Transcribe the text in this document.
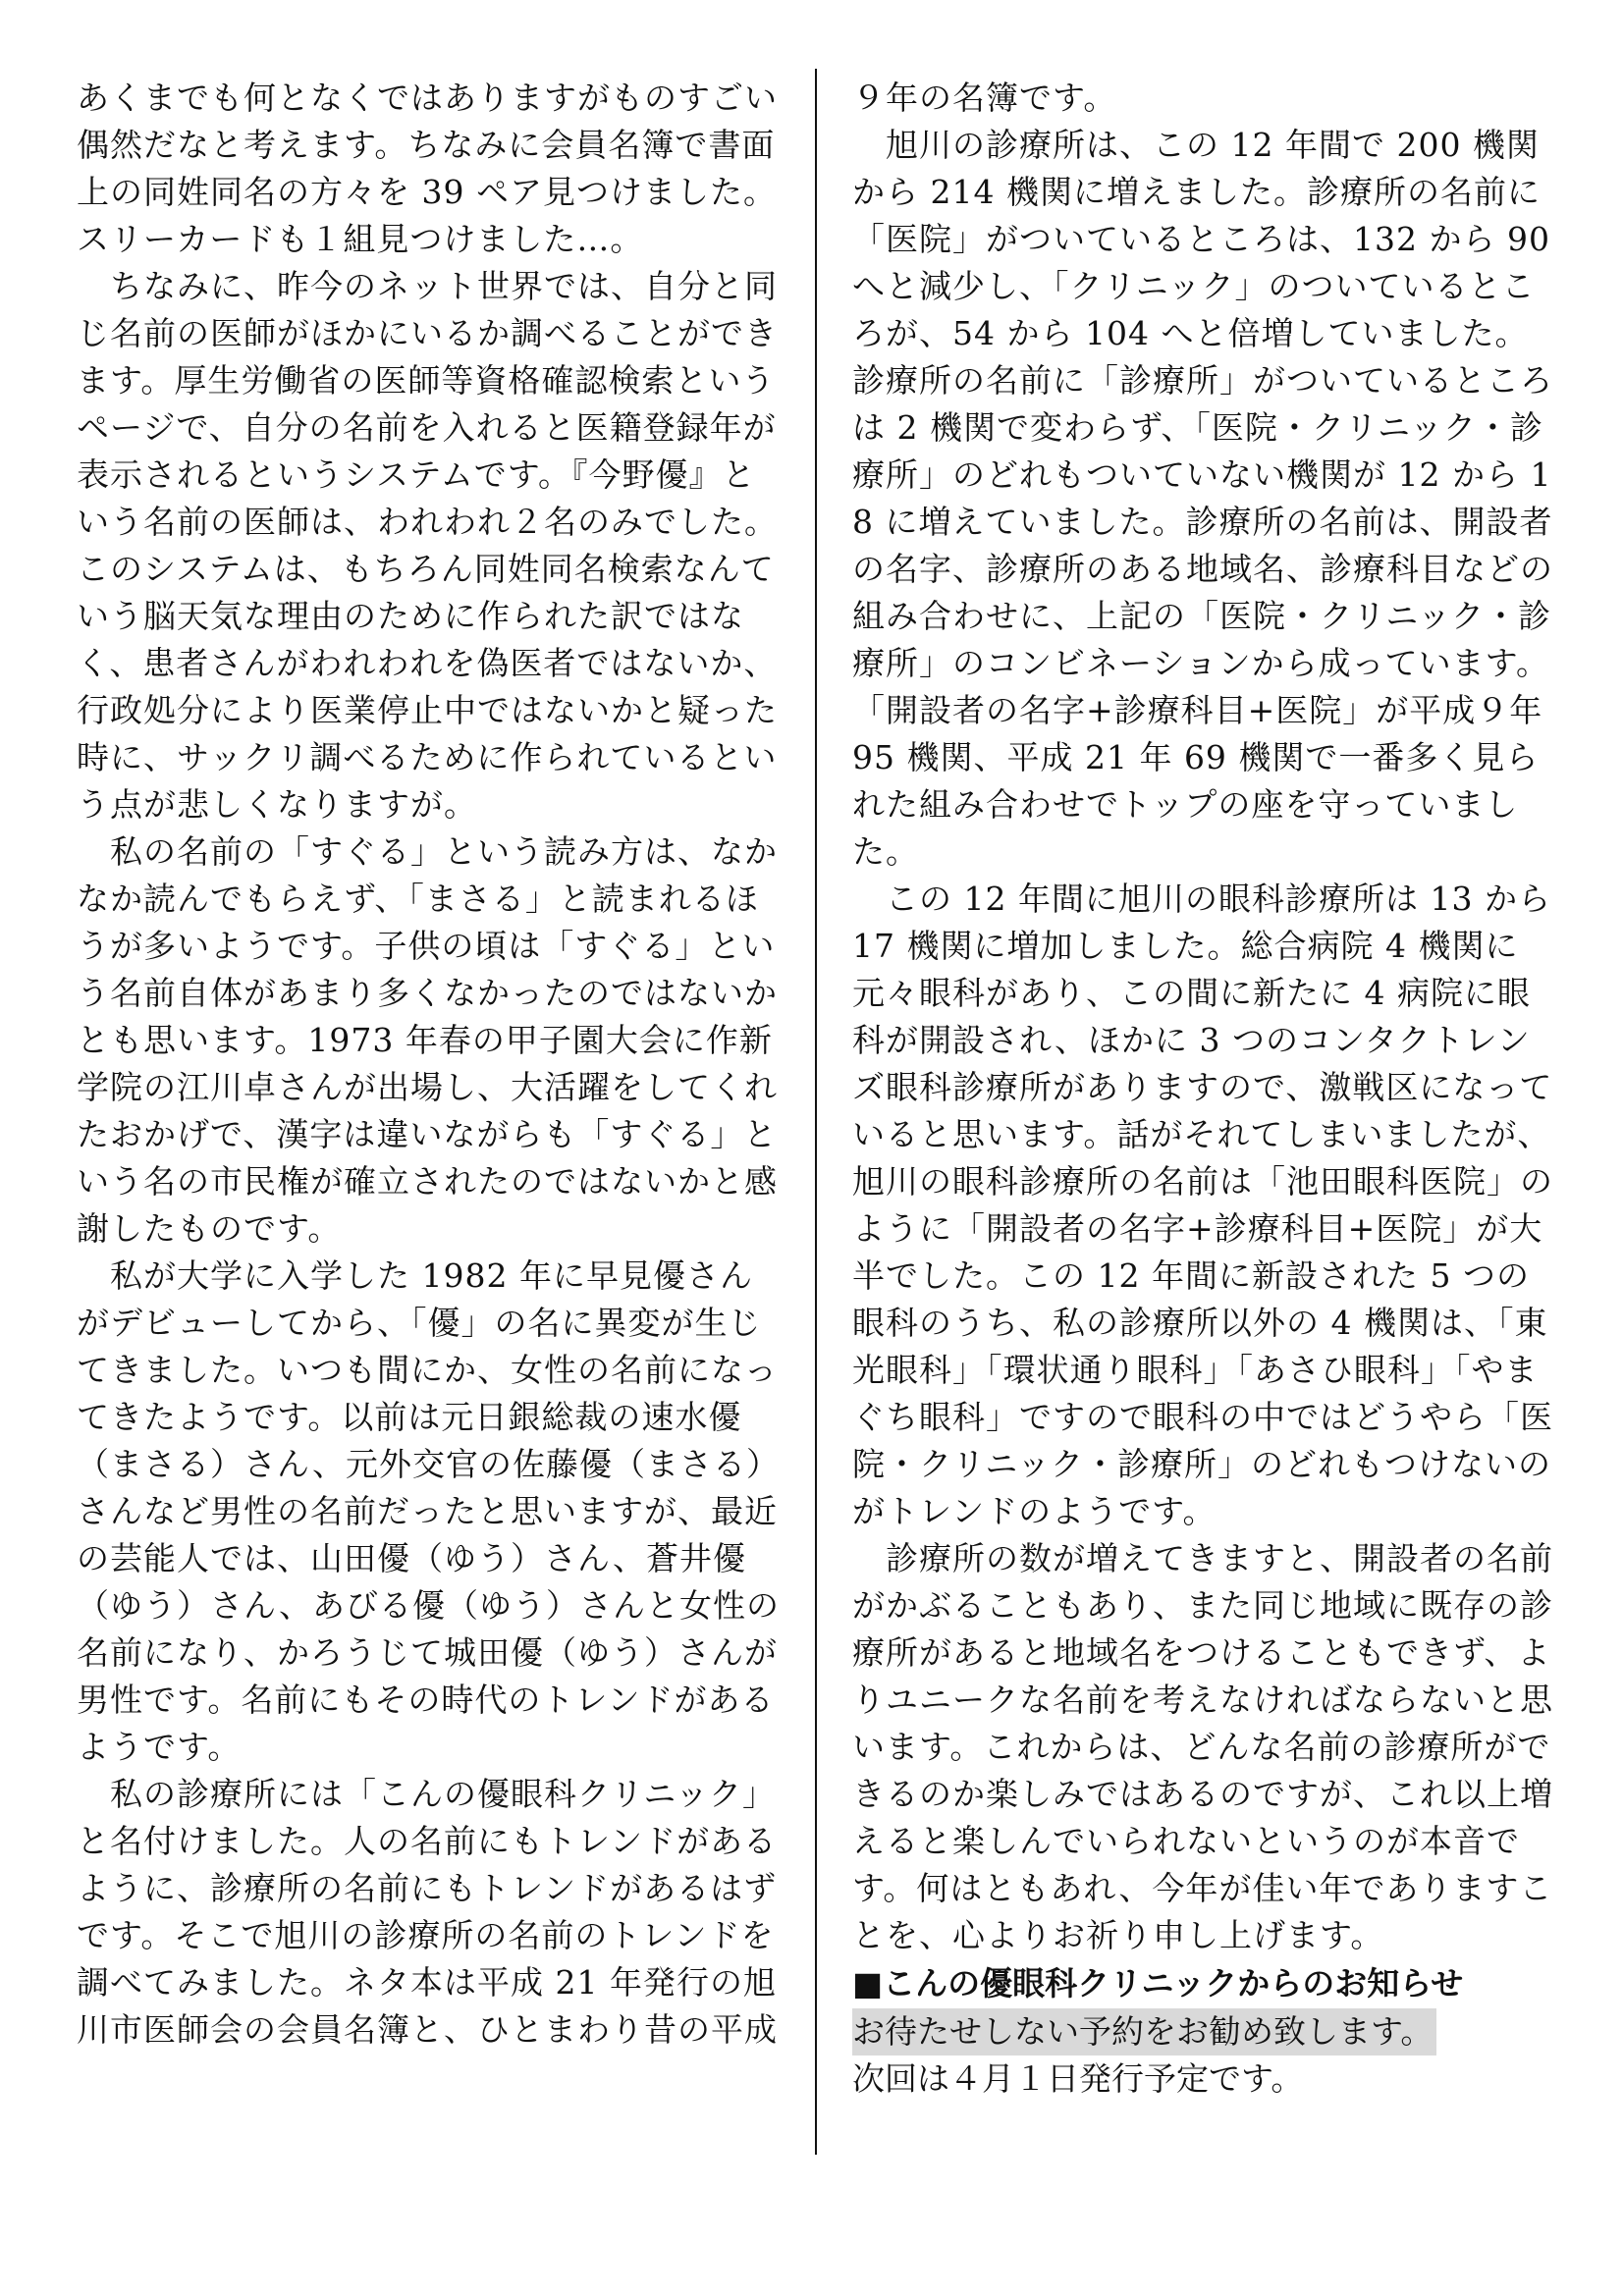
あくまでも何となくではありますがものすごい偶然だなと考えます。ちなみに会員名簿で書面上の同姓同名の方々を 39 ペア見つけました。スリーカードも１組見つけました…。

　ちなみに、昨今のネット世界では、自分と同じ名前の医師がほかにいるか調べることができます。厚生労働省の医師等資格確認検索というページで、自分の名前を入れると医籍登録年が表示されるというシステムです。『今野優』という名前の医師は、われわれ２名のみでした。このシステムは、もちろん同姓同名検索なんていう脳天気な理由のために作られた訳ではなく、患者さんがわれわれを偽医者ではないか、行政処分により医業停止中ではないかと疑った時に、サックリ調べるために作られているという点が悲しくなりますが。

　私の名前の「すぐる」という読み方は、なかなか読んでもらえず、「まさる」と読まれるほうが多いようです。子供の頃は「すぐる」という名前自体があまり多くなかったのではないかとも思います。1973 年春の甲子園大会に作新学院の江川卓さんが出場し、大活躍をしてくれたおかげで、漢字は違いながらも「すぐる」という名の市民権が確立されたのではないかと感謝したものです。

　私が大学に入学した 1982 年に早見優さんがデビューしてから、「優」の名に異変が生じてきました。いつも間にか、女性の名前になってきたようです。以前は元日銀総裁の速水優（まさる）さん、元外交官の佐藤優（まさる）さんなど男性の名前だったと思いますが、最近の芸能人では、山田優（ゆう）さん、蒼井優（ゆう）さん、あびる優（ゆう）さんと女性の名前になり、かろうじて城田優（ゆう）さんが男性です。名前にもその時代のトレンドがあるようです。

　私の診療所には「こんの優眼科クリニック」と名付けました。人の名前にもトレンドがあるように、診療所の名前にもトレンドがあるはずです。そこで旭川の診療所の名前のトレンドを調べてみました。ネタ本は平成 21 年発行の旭川市医師会の会員名簿と、ひとまわり昔の平成

９年の名簿です。

　旭川の診療所は、この 12 年間で 200 機関から 214 機関に増えました。診療所の名前に「医院」がついているところは、132 から 90 へと減少し、「クリニック」のついているところが、54 から 104 へと倍増していました。診療所の名前に「診療所」がついているところは 2 機関で変わらず、「医院・クリニック・診療所」のどれもついていない機関が 12 から 18 に増えていました。診療所の名前は、開設者の名字、診療所のある地域名、診療科目などの組み合わせに、上記の「医院・クリニック・診療所」のコンビネーションから成っています。「開設者の名字+診療科目+医院」が平成９年 95 機関、平成 21 年 69 機関で一番多く見られた組み合わせでトップの座を守っていました。

　この 12 年間に旭川の眼科診療所は 13 から 17 機関に増加しました。総合病院 4 機関に元々眼科があり、この間に新たに 4 病院に眼科が開設され、ほかに 3 つのコンタクトレンズ眼科診療所がありますので、激戦区になっていると思います。話がそれてしまいましたが、旭川の眼科診療所の名前は「池田眼科医院」のように「開設者の名字+診療科目+医院」が大半でした。この 12 年間に新設された 5 つの眼科のうち、私の診療所以外の 4 機関は、「東光眼科」「環状通り眼科」「あさひ眼科」「やまぐち眼科」ですので眼科の中ではどうやら「医院・クリニック・診療所」のどれもつけないのがトレンドのようです。

　診療所の数が増えてきますと、開設者の名前がかぶることもあり、また同じ地域に既存の診療所があると地域名をつけることもできず、よりユニークな名前を考えなければならないと思います。これからは、どんな名前の診療所ができるのか楽しみではあるのですが、これ以上増えると楽しんでいられないというのが本音です。何はともあれ、今年が佳い年でありますことを、心よりお祈り申し上げます。

■こんの優眼科クリニックからのお知らせ

お待たせしない予約をお勧め致します。

次回は４月１日発行予定です。
